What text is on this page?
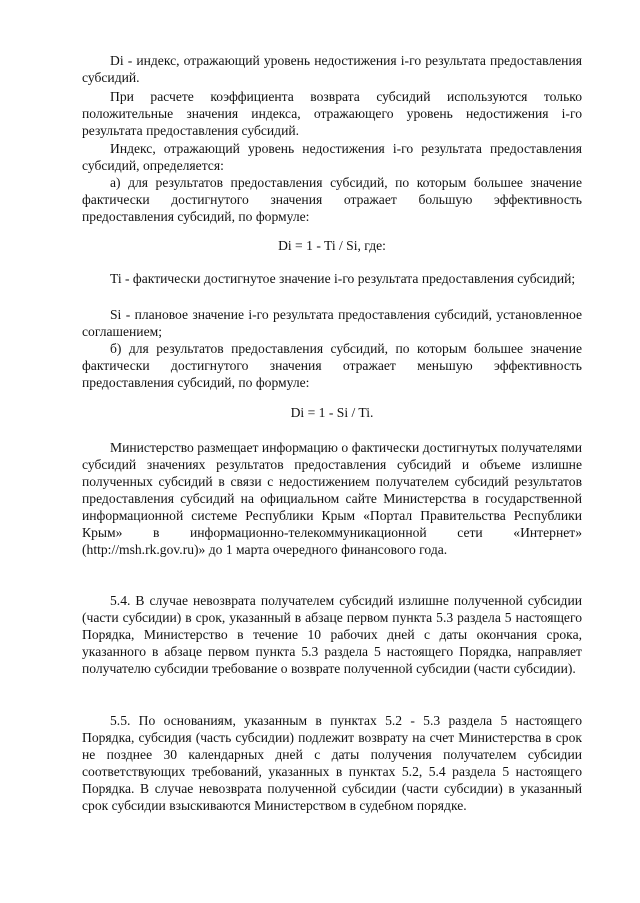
Di - индекс, отражающий уровень недостижения i-го результата предоставления субсидий.

При расчете коэффициента возврата субсидий используются только положительные значения индекса, отражающего уровень недостижения i-го результата предоставления субсидий.

Индекс, отражающий уровень недостижения i-го результата предоставления субсидий, определяется:

а) для результатов предоставления субсидий, по которым большее значение фактически достигнутого значения отражает большую эффективность предоставления субсидий, по формуле:

Di = 1 - Ti / Si, где:

Ti - фактически достигнутое значение i-го результата предоставления субсидий;

Si - плановое значение i-го результата предоставления субсидий, установленное соглашением;

б) для результатов предоставления субсидий, по которым большее значение фактически достигнутого значения отражает меньшую эффективность предоставления субсидий, по формуле:

Di = 1 - Si / Ti.

Министерство размещает информацию о фактически достигнутых получателями субсидий значениях результатов предоставления субсидий и объеме излишне полученных субсидий в связи с недостижением получателем субсидий результатов предоставления субсидий на официальном сайте Министерства в государственной информационной системе Республики Крым «Портал Правительства Республики Крым» в информационно-телекоммуникационной сети «Интернет» (http://msh.rk.gov.ru)» до 1 марта очередного финансового года.

5.4. В случае невозврата получателем субсидий излишне полученной субсидии (части субсидии) в срок, указанный в абзаце первом пункта 5.3 раздела 5 настоящего Порядка, Министерство в течение 10 рабочих дней с даты окончания срока, указанного в абзаце первом пункта 5.3 раздела 5 настоящего Порядка, направляет получателю субсидии требование о возврате полученной субсидии (части субсидии).

5.5. По основаниям, указанным в пунктах 5.2 - 5.3 раздела 5 настоящего Порядка, субсидия (часть субсидии) подлежит возврату на счет Министерства в срок не позднее 30 календарных дней с даты получения получателем субсидии соответствующих требований, указанных в пунктах 5.2, 5.4 раздела 5 настоящего Порядка. В случае невозврата полученной субсидии (части субсидии) в указанный срок субсидии взыскиваются Министерством в судебном порядке.
